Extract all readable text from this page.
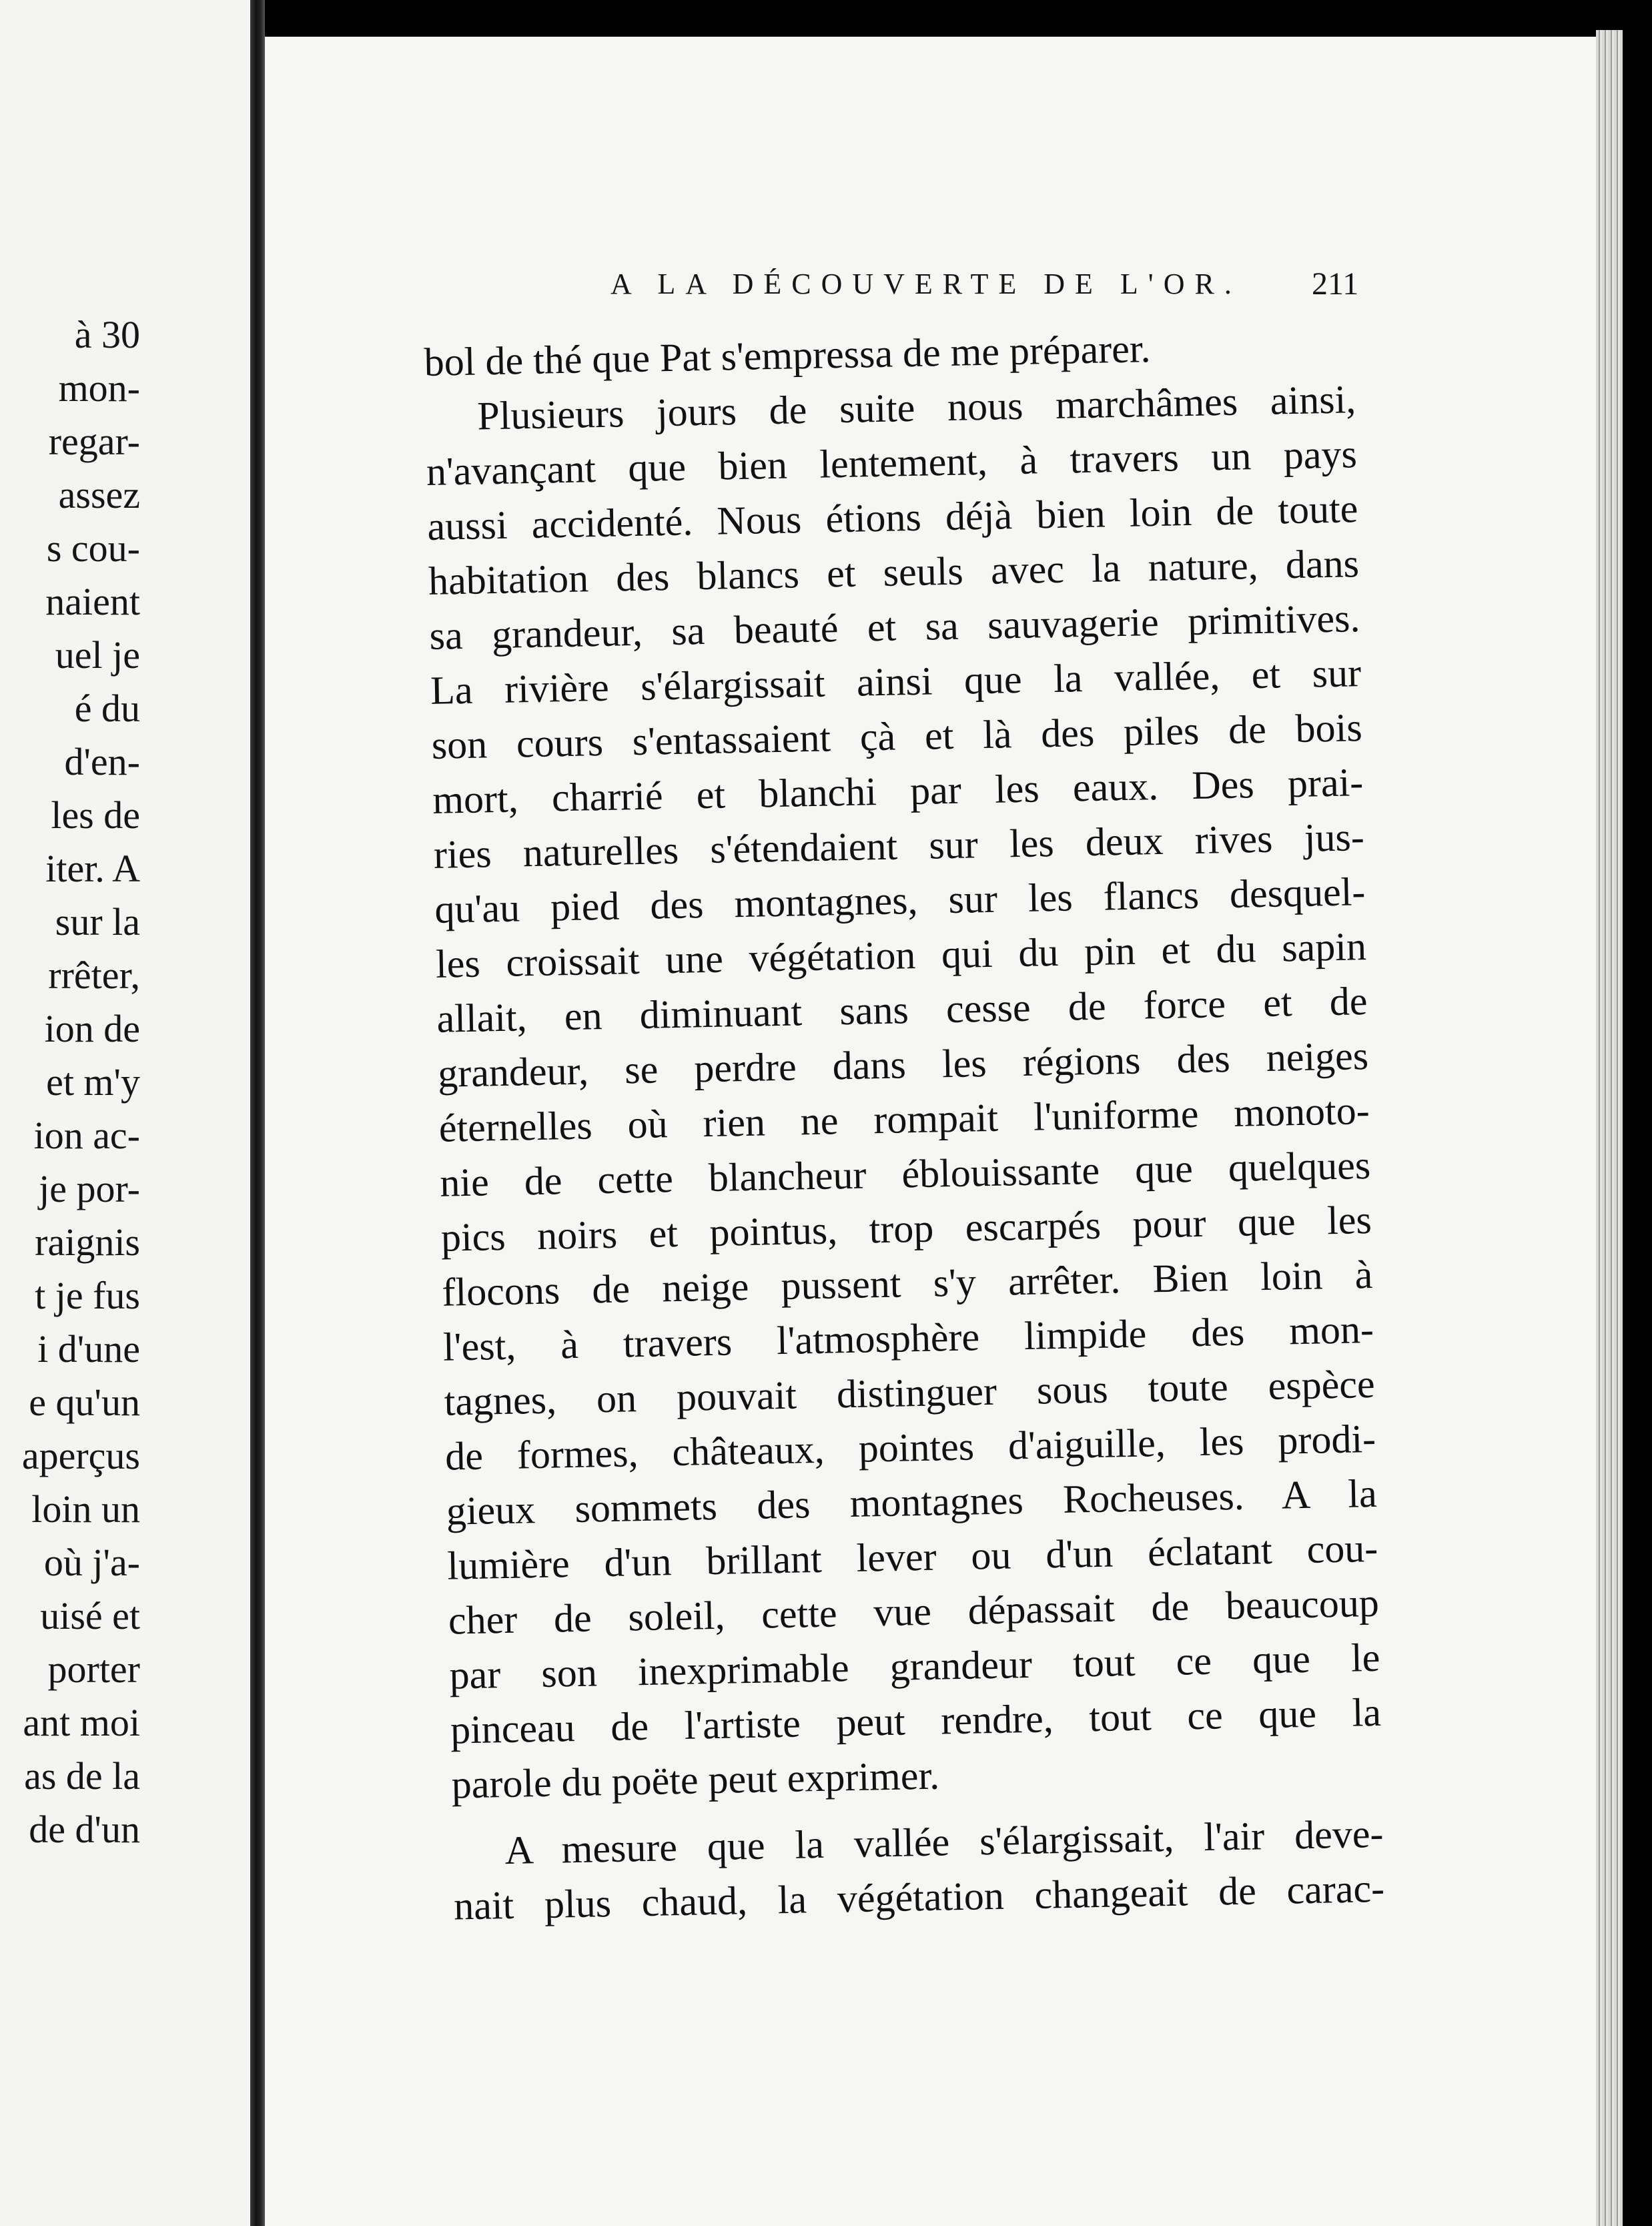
à 30
mon-
regar-
assez
s cou-
naient
uel je
é du
d'en-
les de
iter. A
sur la
rrêter,
ion de
et m'y
ion ac-
je por-
raignis
t je fus
i d'une
e qu'un
aperçus
loin un
où j'a-
uisé et
porter
ant moi
as de la
de d'un
A LA DÉCOUVERTE DE L'OR. 211
bol de thé que Pat s'empressa de me préparer.
Plusieurs jours de suite nous marchâmes ainsi,
n'avançant que bien lentement, à travers un pays
aussi accidenté. Nous étions déjà bien loin de toute
habitation des blancs et seuls avec la nature, dans
sa grandeur, sa beauté et sa sauvagerie primitives.
La rivière s'élargissait ainsi que la vallée, et sur
son cours s'entassaient çà et là des piles de bois
mort, charrié et blanchi par les eaux. Des prai-
ries naturelles s'étendaient sur les deux rives jus-
qu'au pied des montagnes, sur les flancs desquel-
les croissait une végétation qui du pin et du sapin
allait, en diminuant sans cesse de force et de
grandeur, se perdre dans les régions des neiges
éternelles où rien ne rompait l'uniforme monoto-
nie de cette blancheur éblouissante que quelques
pics noirs et pointus, trop escarpés pour que les
flocons de neige pussent s'y arrêter. Bien loin à
l'est, à travers l'atmosphère limpide des mon-
tagnes, on pouvait distinguer sous toute espèce
de formes, châteaux, pointes d'aiguille, les prodi-
gieux sommets des montagnes Rocheuses. A la
lumière d'un brillant lever ou d'un éclatant cou-
cher de soleil, cette vue dépassait de beaucoup
par son inexprimable grandeur tout ce que le
pinceau de l'artiste peut rendre, tout ce que la
parole du poëte peut exprimer.
A mesure que la vallée s'élargissait, l'air deve-
nait plus chaud, la végétation changeait de carac-
